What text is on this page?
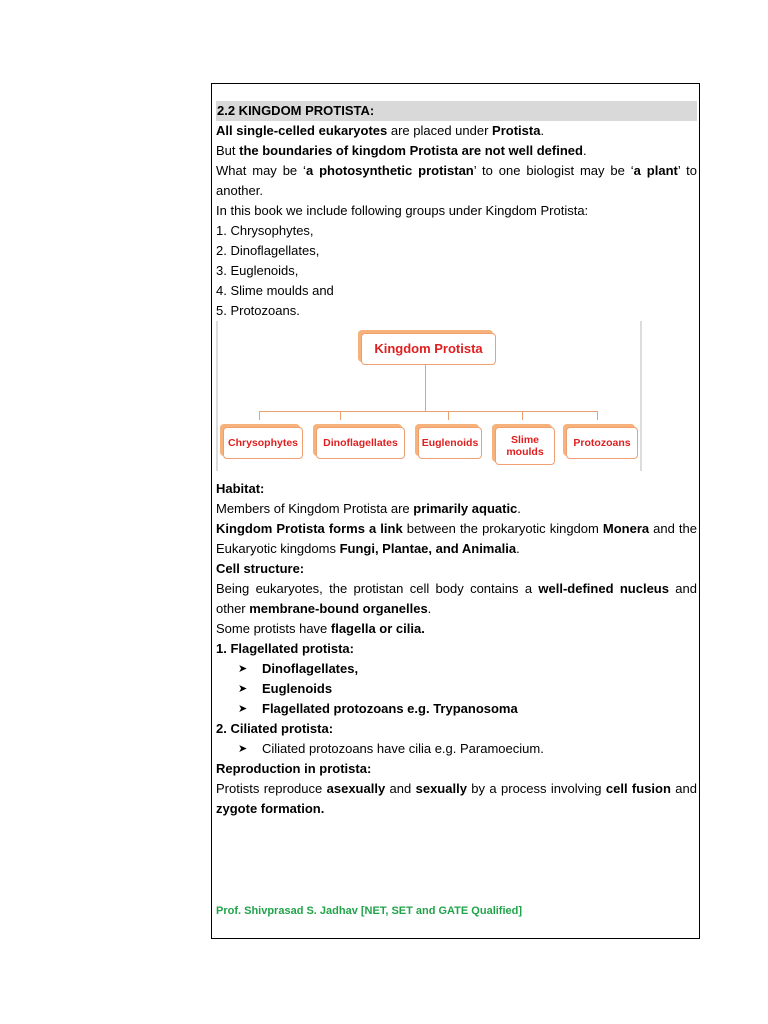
2.2 KINGDOM PROTISTA:

All single-celled eukaryotes are placed under Protista.

But the boundaries of kingdom Protista are not well defined.

What may be ‘a photosynthetic protistan’ to one biologist may be ‘a plant’ to another.

In this book we include following groups under Kingdom Protista:

1. Chrysophytes,

2. Dinoflagellates,

3. Euglenoids,

4. Slime moulds and

5. Protozoans.

Kingdom Protista
Chrysophytes	Dinoflagellates	Euglenoids	Slime moulds
Protozoans

Habitat:

Members of Kingdom Protista are primarily aquatic.

Kingdom Protista forms a link between the prokaryotic kingdom Monera and the Eukaryotic kingdoms Fungi, Plantae, and Animalia.

Cell structure:

Being eukaryotes, the protistan cell body contains a well-defined nucleus and other membrane-bound organelles.

Some protists have flagella or cilia.

1. Flagellated protista:

➤ Dinoflagellates,
➤ Euglenoids
➤ Flagellated protozoans e.g. Trypanosoma

2. Ciliated protista:

➤ Ciliated protozoans have cilia e.g. Paramoecium.

Reproduction in protista:

Protists reproduce asexually and sexually by a process involving cell fusion and zygote formation.

Prof. Shivprasad S. Jadhav [NET, SET and GATE Qualified]
